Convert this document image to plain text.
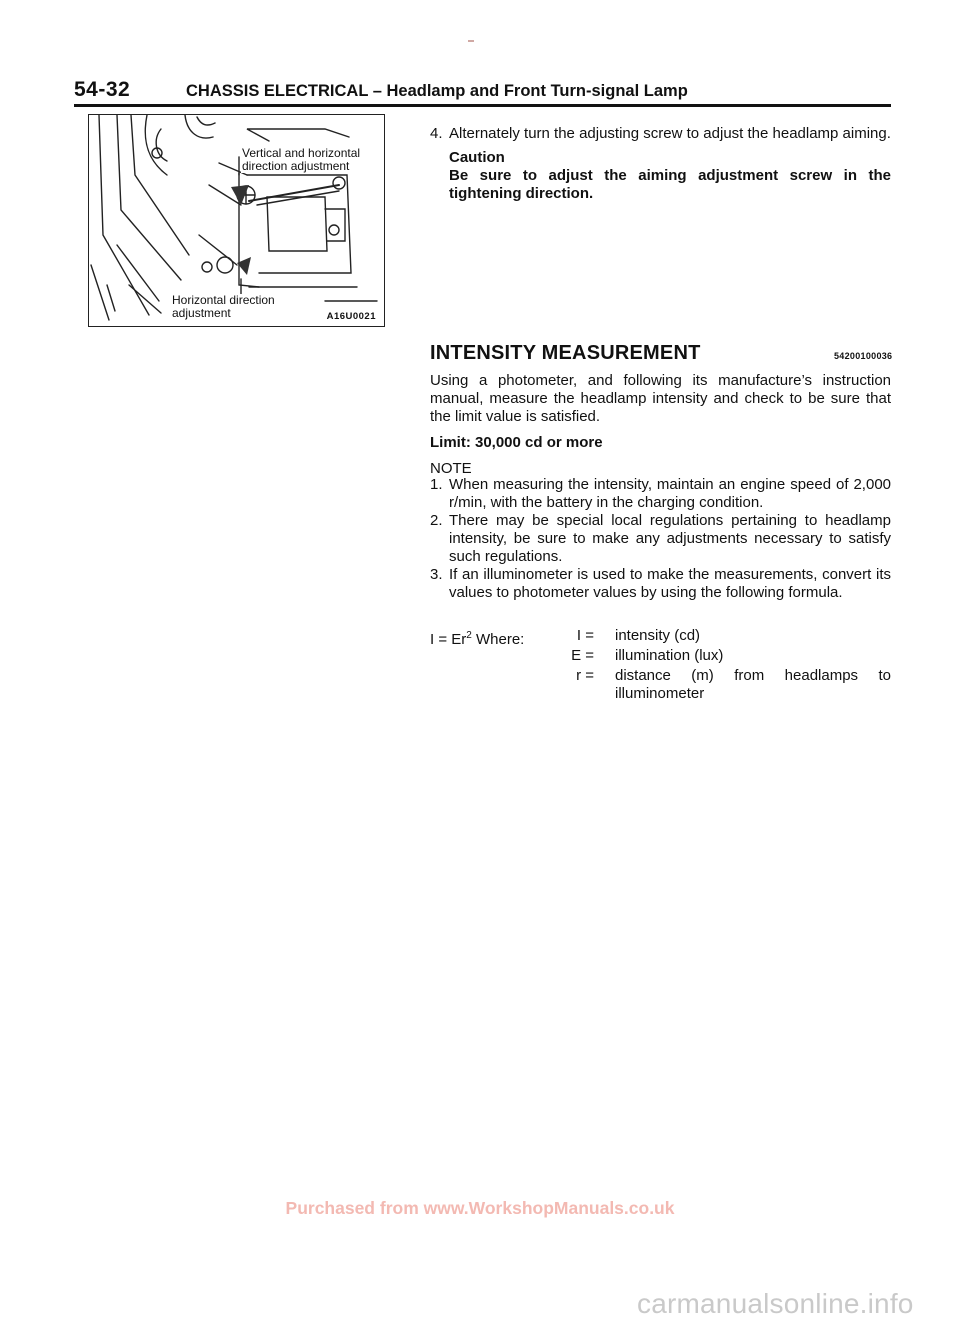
54-32	CHASSIS ELECTRICAL – Headlamp and Front Turn-signal Lamp
Vertical and horizontal direction adjustment
Horizontal direction adjustment	A16U0021
4. Alternately turn the adjusting screw to adjust the headlamp aiming.
Caution
Be sure to adjust the aiming adjustment screw in the tightening direction.
INTENSITY MEASUREMENT	54200100036

Using a photometer, and following its manufacture’s instruction manual, measure the headlamp intensity and check to be sure that the limit value is satisfied.

Limit: 30,000 cd or more

NOTE

1. When measuring the intensity, maintain an engine speed of 2,000 r/min, with the battery in the charging condition.
2. There may be special local regulations pertaining to headlamp intensity, be sure to make any adjustments necessary to satisfy such regulations.
3. If an illuminometer is used to make the measurements, convert its values to photometer values by using the following formula.
$I = Er^2$ Where:	I = intensity (cd)
E = illumination (lux)
r = distance (m) from headlamps to illuminometer
Purchased from www.WorkshopManuals.co.uk
carmanualsonline.info
